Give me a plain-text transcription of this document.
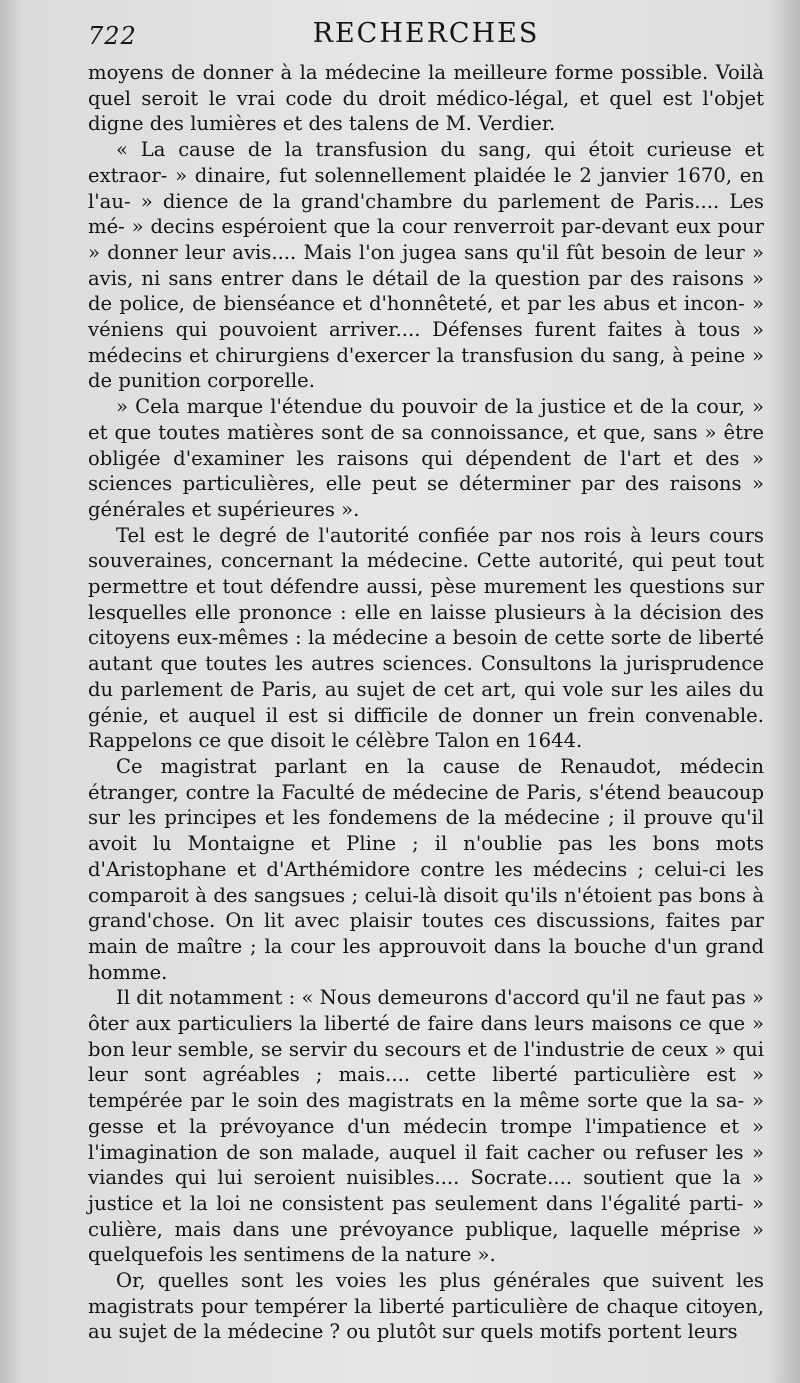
722	RECHERCHES

moyens de donner à la médecine la meilleure forme possible. Voilà quel seroit le vrai code du droit médico-légal, et quel est l'objet digne des lumières et des talens de M. Verdier.

« La cause de la transfusion du sang, qui étoit curieuse et extraor- » dinaire, fut solennellement plaidée le 2 janvier 1670, en l'au- » dience de la grand'chambre du parlement de Paris.... Les mé- » decins espéroient que la cour renverroit par-devant eux pour » donner leur avis.... Mais l'on jugea sans qu'il fût besoin de leur » avis, ni sans entrer dans le détail de la question par des raisons » de police, de bienséance et d'honnêteté, et par les abus et incon- » véniens qui pouvoient arriver.... Défenses furent faites à tous » médecins et chirurgiens d'exercer la transfusion du sang, à peine » de punition corporelle.

» Cela marque l'étendue du pouvoir de la justice et de la cour, » et que toutes matières sont de sa connoissance, et que, sans » être obligée d'examiner les raisons qui dépendent de l'art et des » sciences particulières, elle peut se déterminer par des raisons » générales et supérieures ».

Tel est le degré de l'autorité confiée par nos rois à leurs cours souveraines, concernant la médecine. Cette autorité, qui peut tout permettre et tout défendre aussi, pèse murement les questions sur lesquelles elle prononce : elle en laisse plusieurs à la décision des citoyens eux-mêmes : la médecine a besoin de cette sorte de liberté autant que toutes les autres sciences. Consultons la jurisprudence du parlement de Paris, au sujet de cet art, qui vole sur les ailes du génie, et auquel il est si difficile de donner un frein convenable. Rappelons ce que disoit le célèbre Talon en 1644.

Ce magistrat parlant en la cause de Renaudot, médecin étranger, contre la Faculté de médecine de Paris, s'étend beaucoup sur les principes et les fondemens de la médecine ; il prouve qu'il avoit lu Montaigne et Pline ; il n'oublie pas les bons mots d'Aristophane et d'Arthémidore contre les médecins ; celui-ci les comparoit à des sangsues ; celui-là disoit qu'ils n'étoient pas bons à grand'chose. On lit avec plaisir toutes ces discussions, faites par main de maître ; la cour les approuvoit dans la bouche d'un grand homme.

Il dit notamment : « Nous demeurons d'accord qu'il ne faut pas » ôter aux particuliers la liberté de faire dans leurs maisons ce que » bon leur semble, se servir du secours et de l'industrie de ceux » qui leur sont agréables ; mais.... cette liberté particulière est » tempérée par le soin des magistrats en la même sorte que la sa- » gesse et la prévoyance d'un médecin trompe l'impatience et » l'imagination de son malade, auquel il fait cacher ou refuser les » viandes qui lui seroient nuisibles.... Socrate.... soutient que la » justice et la loi ne consistent pas seulement dans l'égalité parti- » culière, mais dans une prévoyance publique, laquelle méprise » quelquefois les sentimens de la nature ».

Or, quelles sont les voies les plus générales que suivent les magistrats pour tempérer la liberté particulière de chaque citoyen, au sujet de la médecine ? ou plutôt sur quels motifs portent leurs
